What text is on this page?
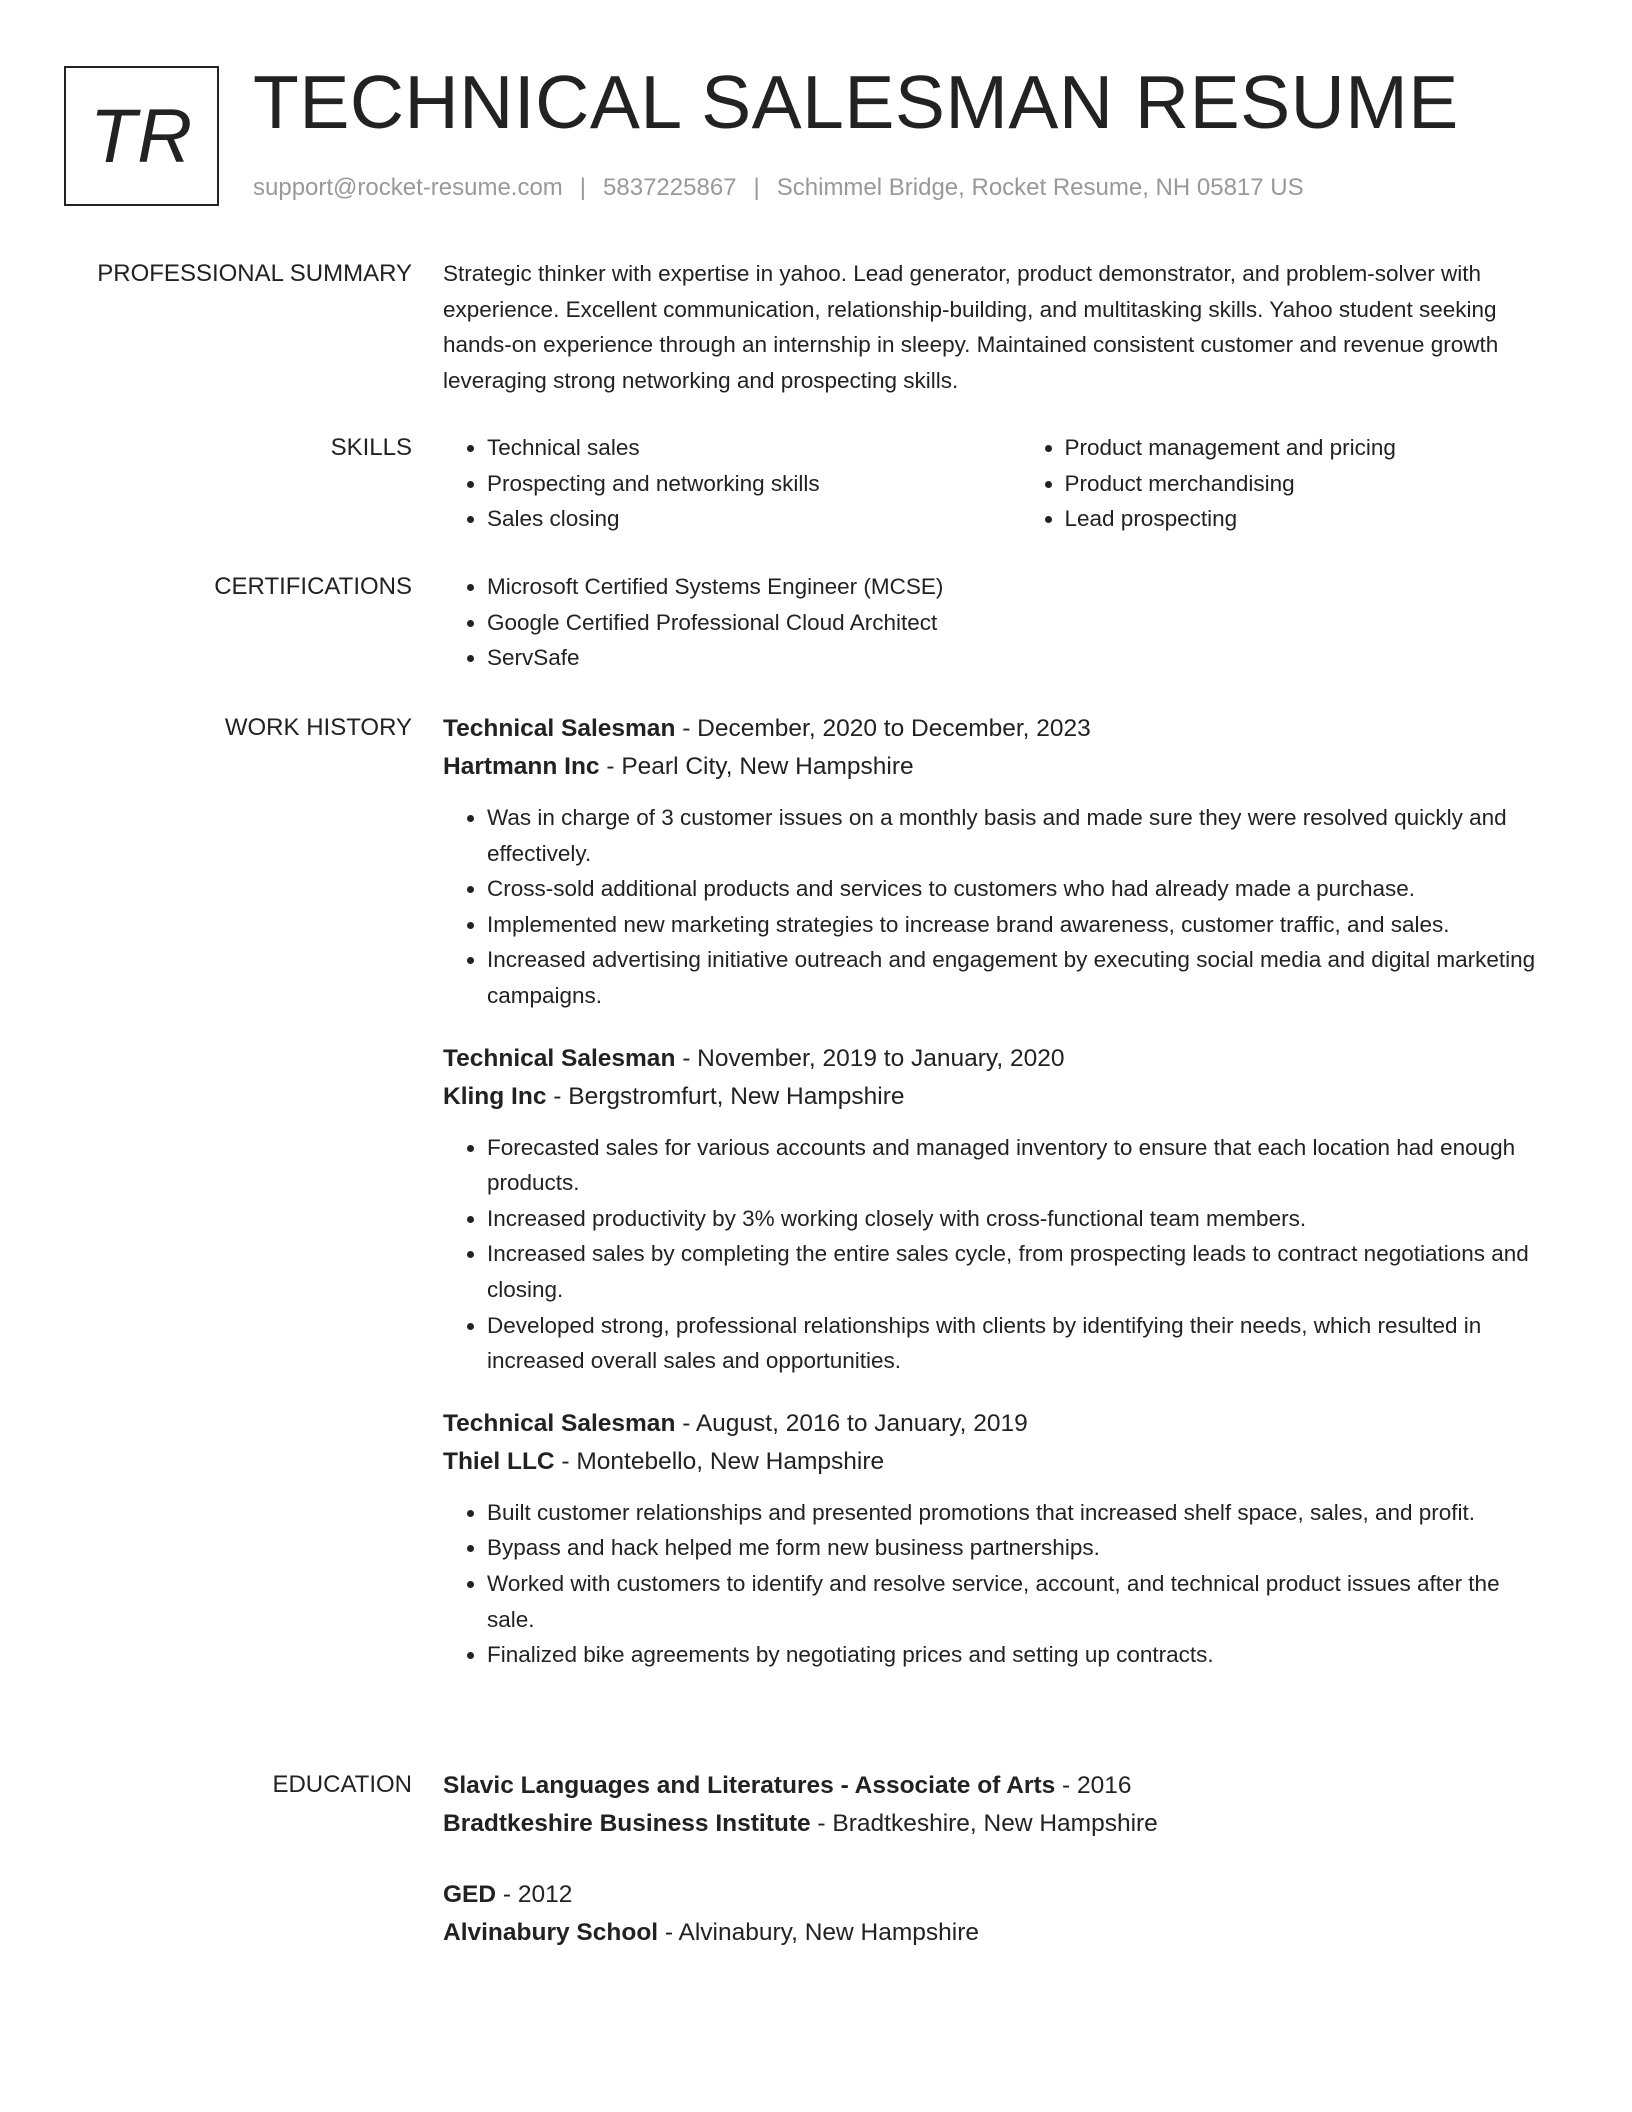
TR TECHNICAL SALESMAN RESUME
support@rocket-resume.com | 5837225867 | Schimmel Bridge, Rocket Resume, NH 05817 US
PROFESSIONAL SUMMARY Strategic thinker with expertise in yahoo. Lead generator, product demonstrator, and problem-solver with experience. Excellent communication, relationship-building, and multitasking skills. Yahoo student seeking hands-on experience through an internship in sleepy. Maintained consistent customer and revenue growth leveraging strong networking and prospecting skills.

SKILLS	• Technical sales
• Prospecting and networking skills
• Sales closing
• Product management and pricing
• Product merchandising
• Lead prospecting
CERTIFICATIONS	• Microsoft Certified Systems Engineer (MCSE)
• Google Certified Professional Cloud Architect
• ServSafe
WORK HISTORY Technical Salesman - December, 2020 to December, 2023
Hartmann Inc - Pearl City, New Hampshire
• Was in charge of 3 customer issues on a monthly basis and made sure they were resolved quickly and effectively.
• Cross-sold additional products and services to customers who had already made a purchase.
• Implemented new marketing strategies to increase brand awareness, customer traffic, and sales.
• Increased advertising initiative outreach and engagement by executing social media and digital marketing campaigns.
Technical Salesman - November, 2019 to January, 2020
Kling Inc - Bergstromfurt, New Hampshire
• Forecasted sales for various accounts and managed inventory to ensure that each location had enough products.
• Increased productivity by 3% working closely with cross-functional team members.
• Increased sales by completing the entire sales cycle, from prospecting leads to contract negotiations and closing.
• Developed strong, professional relationships with clients by identifying their needs, which resulted in increased overall sales and opportunities.
Technical Salesman - August, 2016 to January, 2019
Thiel LLC - Montebello, New Hampshire
• Built customer relationships and presented promotions that increased shelf space, sales, and profit.
• Bypass and hack helped me form new business partnerships.
• Worked with customers to identify and resolve service, account, and technical product issues after the sale.
• Finalized bike agreements by negotiating prices and setting up contracts.
EDUCATION Slavic Languages and Literatures - Associate of Arts - 2016
Bradtkeshire Business Institute - Bradtkeshire, New Hampshire
GED - 2012
Alvinabury School - Alvinabury, New Hampshire
